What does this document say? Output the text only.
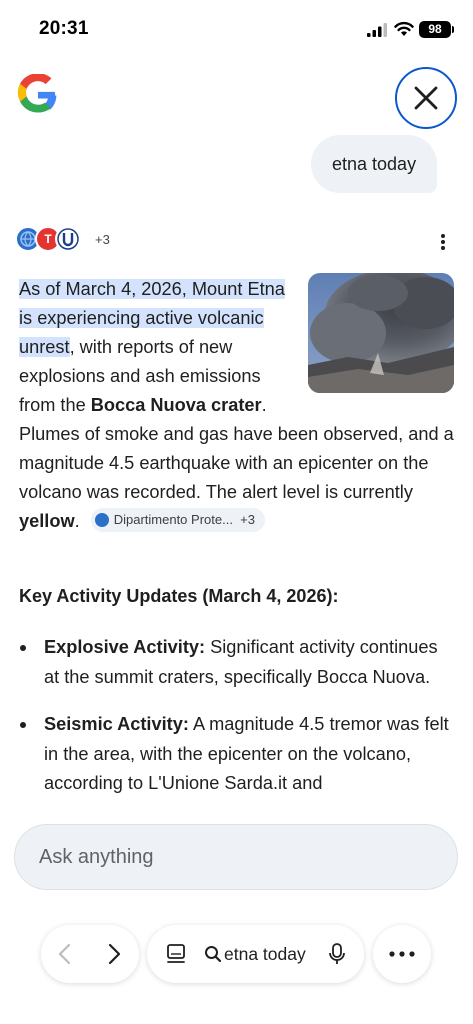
20:31	98
etna today
T	+3
As of March 4, 2026, Mount Etna is experiencing active volcanic unrest, with reports of new explosions and ash emissions from the Bocca Nuova crater. Plumes of smoke and gas have been observed, and a magnitude 4.5 earthquake with an epicenter on the volcano was recorded. The alert level is currently yellow.	Dipartimento Prote... +3
Key Activity Updates (March 4, 2026):
Explosive Activity: Significant activity continues at the summit craters, specifically Bocca Nuova.
Seismic Activity: A magnitude 4.5 tremor was felt in the area, with the epicenter on the volcano, according to L'Unione Sarda.it and
Ask anything
etna today
